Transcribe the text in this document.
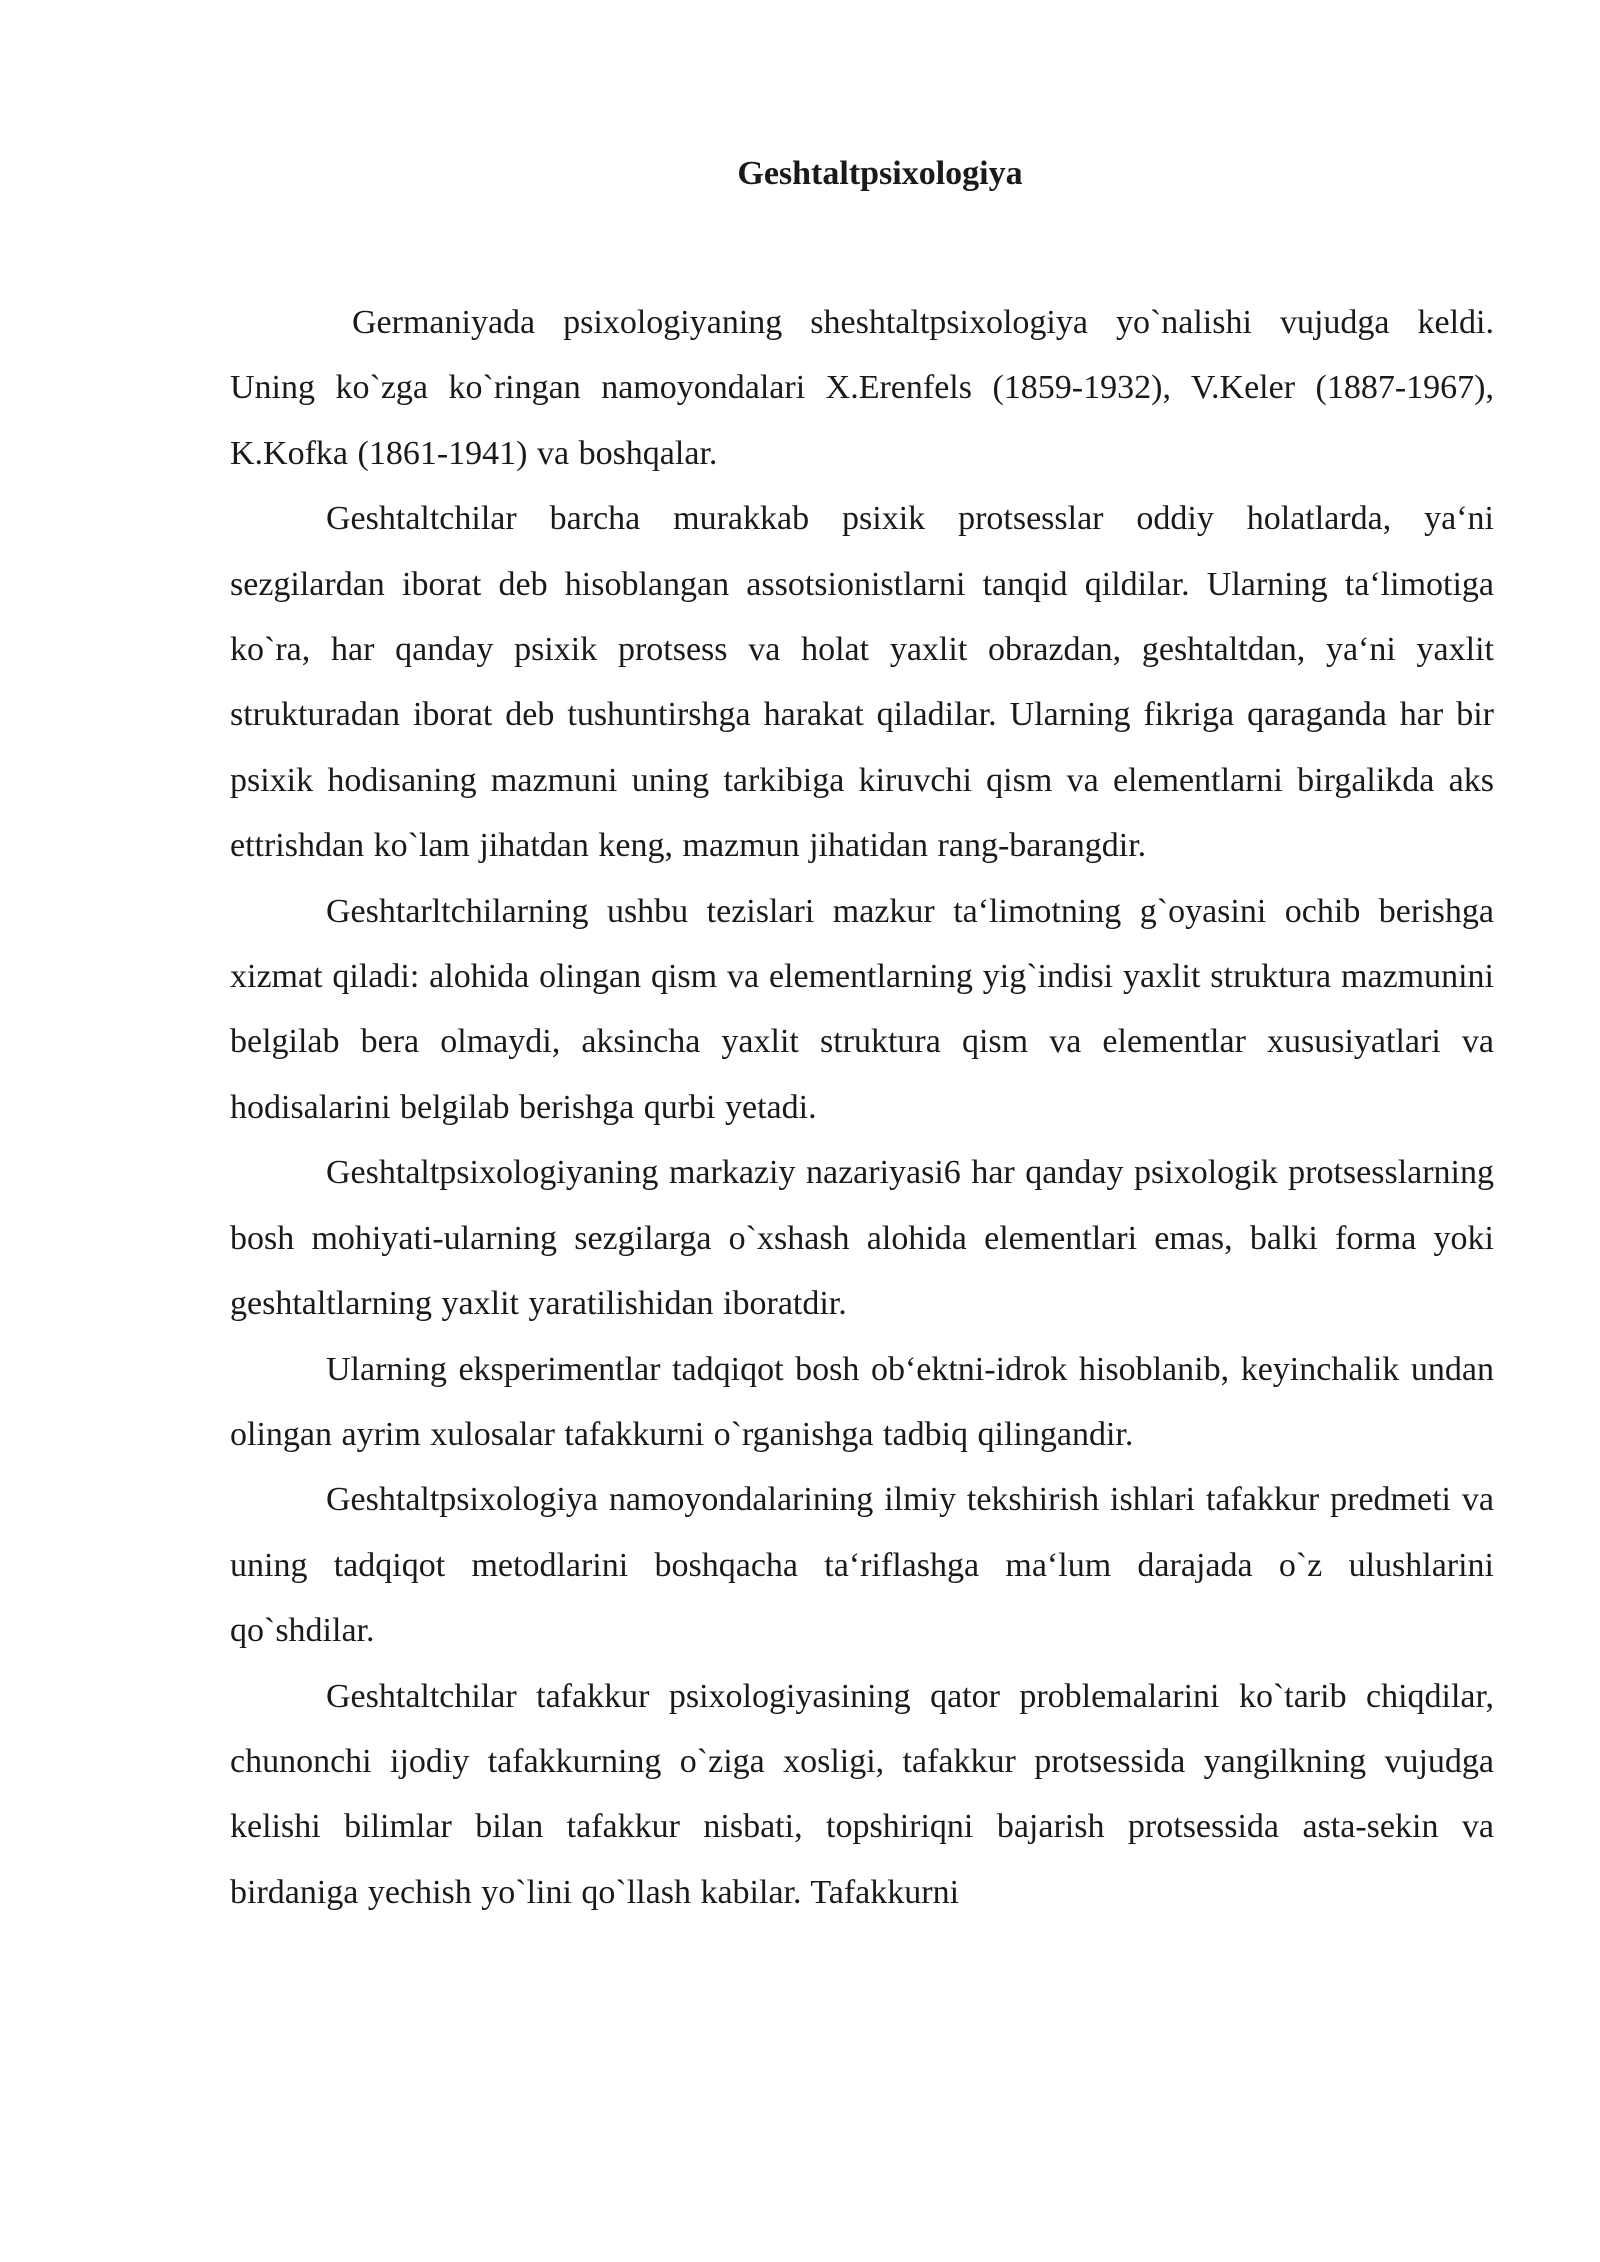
Geshtaltpsixologiya

Germaniyada psixologiyaning sheshtaltpsixologiya yo`nalishi vujudga keldi. Uning ko`zga ko`ringan namoyondalari X.Erenfels (1859-1932), V.Keler (1887-1967), K.Kofka (1861-1941) va boshqalar.

Geshtaltchilar barcha murakkab psixik protsesslar oddiy holatlarda, ya‘ni sezgilardan iborat deb hisoblangan assotsionistlarni tanqid qildilar. Ularning ta‘limotiga ko`ra, har qanday psixik protsess va holat yaxlit obrazdan, geshtaltdan, ya‘ni yaxlit strukturadan iborat deb tushuntirshga harakat qiladilar. Ularning fikriga qaraganda har bir psixik hodisaning mazmuni uning tarkibiga kiruvchi qism va elementlarni birgalikda aks ettrishdan ko`lam jihatdan keng, mazmun jihatidan rang-barangdir.

Geshtarltchilarning ushbu tezislari mazkur ta‘limotning g`oyasini ochib berishga xizmat qiladi: alohida olingan qism va elementlarning yig`indisi yaxlit struktura mazmunini belgilab bera olmaydi, aksincha yaxlit struktura qism va elementlar xususiyatlari va hodisalarini belgilab berishga qurbi yetadi.

Geshtaltpsixologiyaning markaziy nazariyasi6 har qanday psixologik protsesslarning bosh mohiyati-ularning sezgilarga o`xshash alohida elementlari emas, balki forma yoki geshtaltlarning yaxlit yaratilishidan iboratdir.

Ularning eksperimentlar tadqiqot bosh ob‘ektni-idrok hisoblanib, keyinchalik undan olingan ayrim xulosalar tafakkurni o`rganishga tadbiq qilingandir.

Geshtaltpsixologiya namoyondalarining ilmiy tekshirish ishlari tafakkur predmeti va uning tadqiqot metodlarini boshqacha ta‘riflashga ma‘lum darajada o`z ulushlarini qo`shdilar.

Geshtaltchilar tafakkur psixologiyasining qator problemalarini ko`tarib chiqdilar, chunonchi ijodiy tafakkurning o`ziga xosligi, tafakkur protsessida yangilkning vujudga kelishi bilimlar bilan tafakkur nisbati, topshiriqni bajarish protsessida asta-sekin va birdaniga yechish yo`lini qo`llash kabilar. Tafakkurni
